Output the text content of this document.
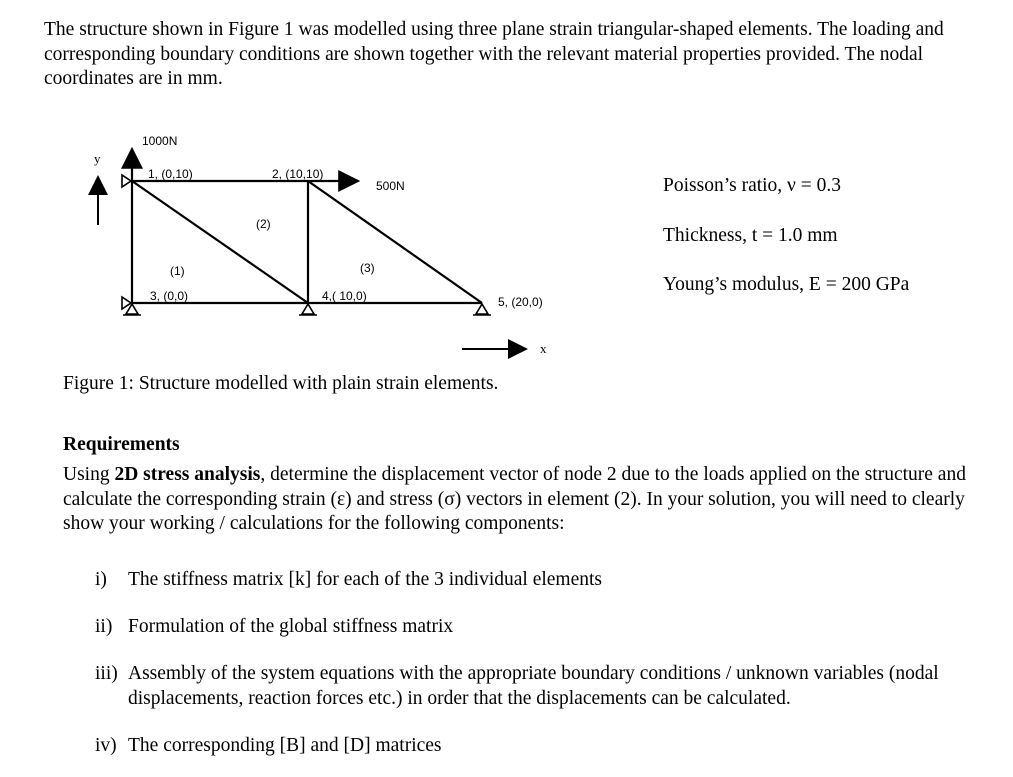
The structure shown in Figure 1 was modelled using three plane strain triangular-shaped elements. The loading and corresponding boundary conditions are shown together with the relevant material properties provided. The nodal coordinates are in mm.
1000N
500N
y
x
1, (0,10)	2, (10,10)
3, (0,0)	4,( 10,0)	5, (20,0)
(1)
(2)
(3)
Figure 1: Structure modelled with plain strain elements.
Poisson’s ratio, ν = 0.3
Thickness, t = 1.0 mm
Young’s modulus, E = 200 GPa
Requirements
Using 2D stress analysis, determine the displacement vector of node 2 due to the loads applied on the structure and calculate the corresponding strain (ε) and stress (σ) vectors in element (2). In your solution, you will need to clearly show your working / calculations for the following components:
i) The stiffness matrix [k] for each of the 3 individual elements
ii) Formulation of the global stiffness matrix
iii) Assembly of the system equations with the appropriate boundary conditions / unknown variables (nodal displacements, reaction forces etc.) in order that the displacements can be calculated.
iv) The corresponding [B] and [D] matrices
